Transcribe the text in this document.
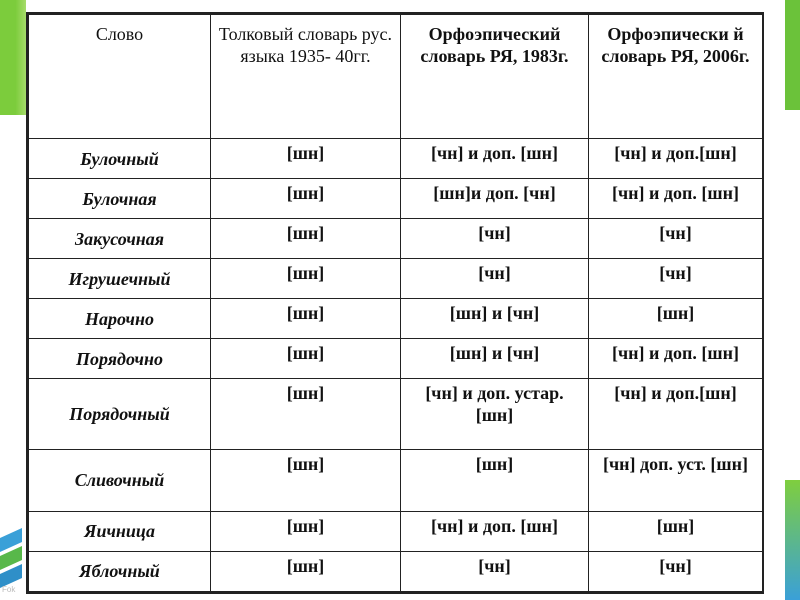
Fok
Слово	Толковый словарь рус. языка 1935- 40гг.	Орфоэпический словарь РЯ, 1983г.	Орфоэпически й словарь РЯ, 2006г.
Булочный	[шн]	[чн] и доп. [шн]	[чн] и доп.[шн]
Булочная	[шн]	[шн]и доп. [чн]	[чн] и доп. [шн]
Закусочная	[шн]	[чн]	[чн]
Игрушечный	[шн]	[чн]	[чн]
Нарочно	[шн]	[шн] и [чн]	[шн]
Порядочно	[шн]	[шн] и [чн]	[чн] и доп. [шн]
Порядочный	[шн]	[чн] и доп. устар. [шн]	[чн] и доп.[шн]
Сливочный	[шн]	[шн]	[чн] доп. уст. [шн]
Яичница	[шн]	[чн] и доп. [шн]	[шн]
Яблочный	[шн]	[чн]	[чн]
